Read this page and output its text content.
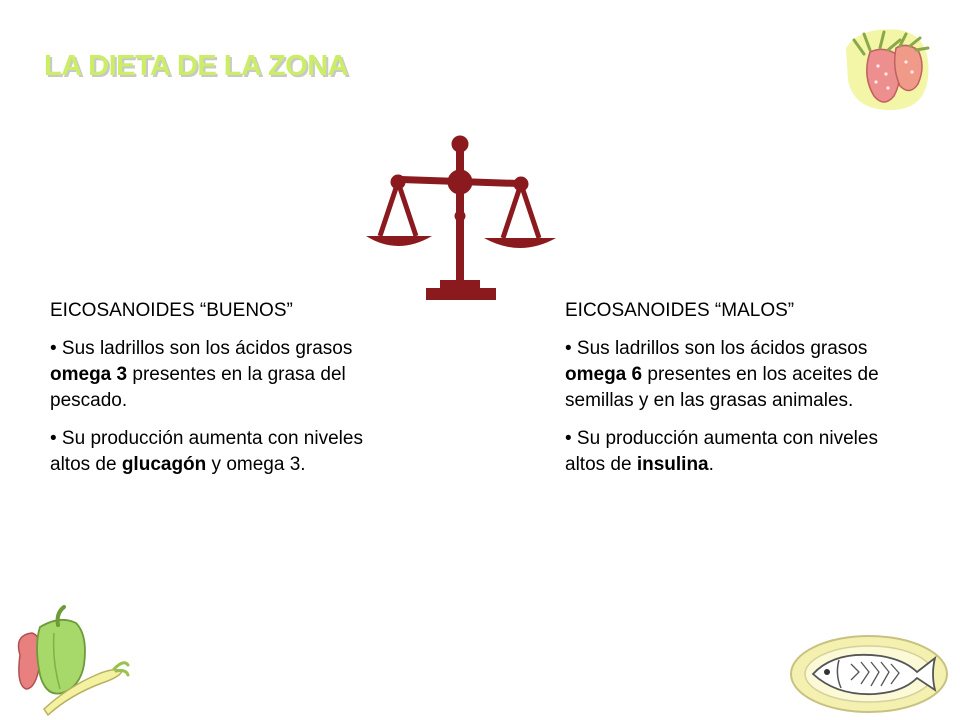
LA DIETA DE LA ZONA

EICOSANOIDES “BUENOS”

• Sus ladrillos son los ácidos grasos omega 3 presentes en la grasa del pescado.

• Su producción aumenta con niveles altos de glucagón y omega 3.

EICOSANOIDES “MALOS”

• Sus ladrillos son los ácidos grasos omega 6 presentes en los aceites de semillas y en las grasas animales.

• Su producción aumenta con niveles altos de insulina.
